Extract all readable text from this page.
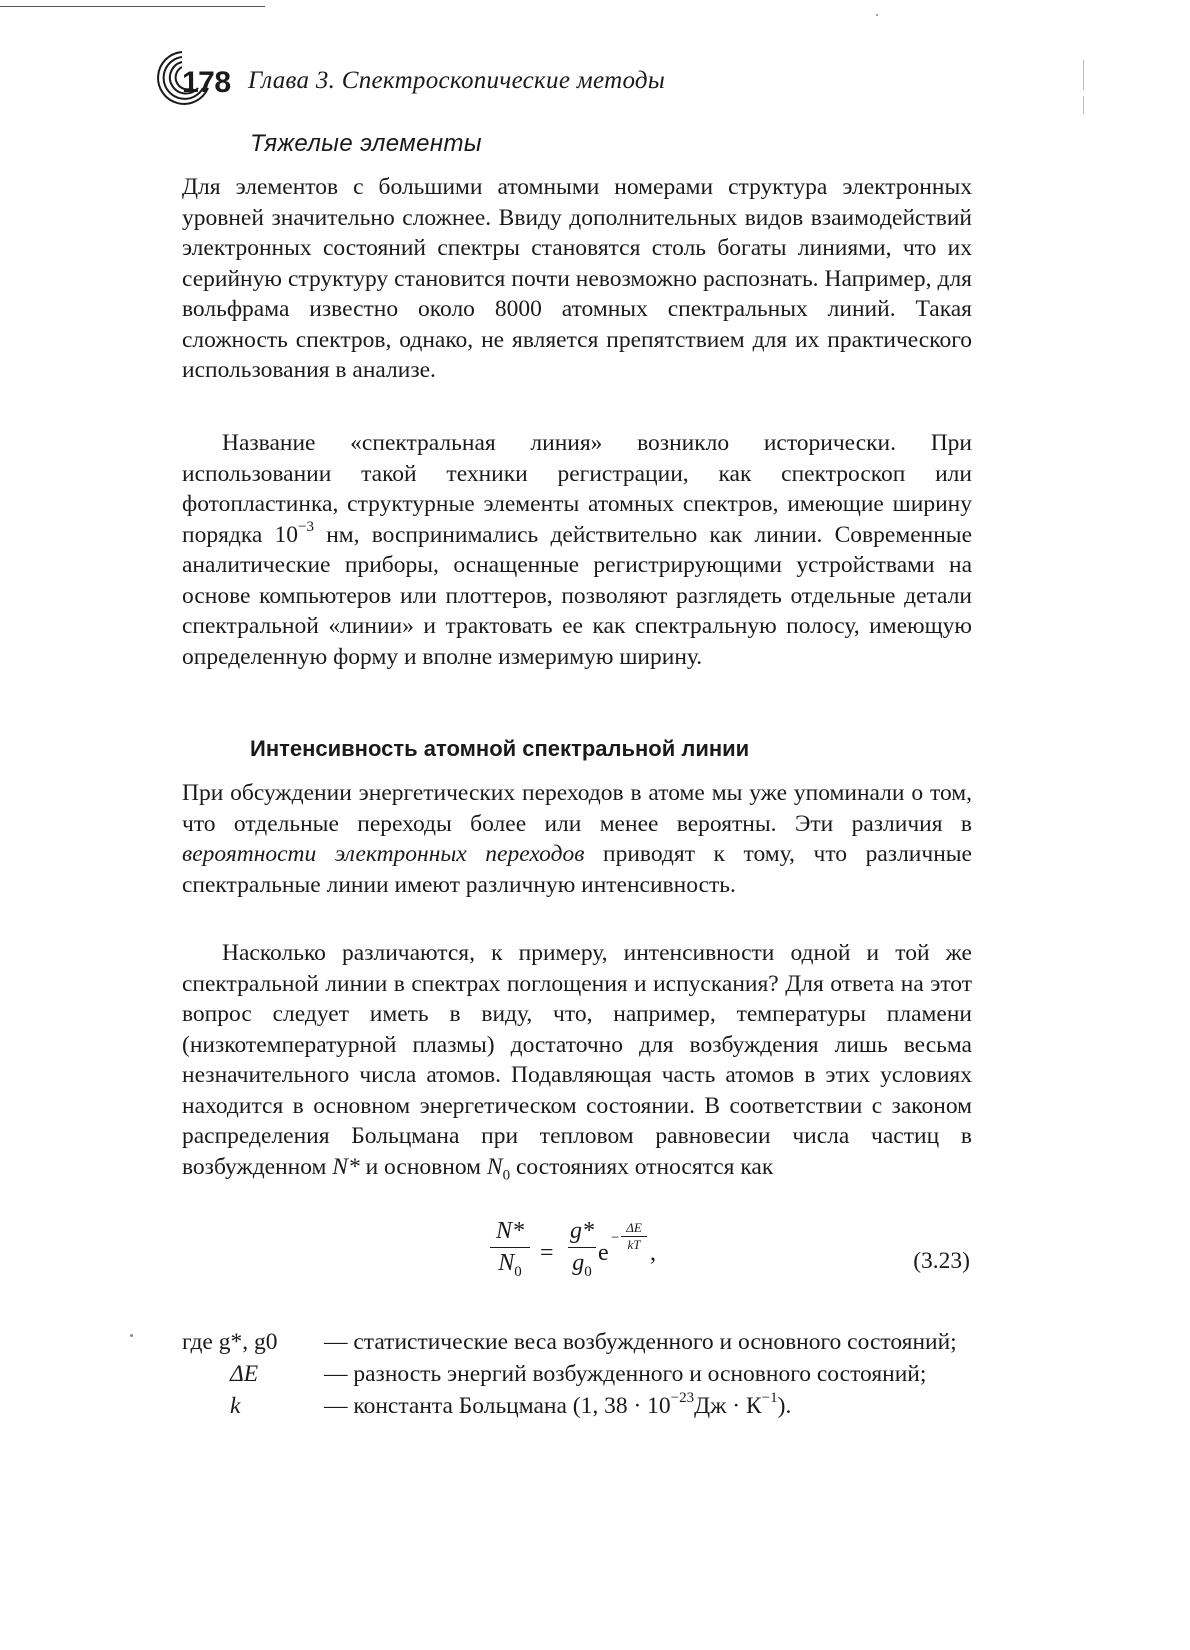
178 Глава 3. Спектроскопические методы
Тяжелые элементы

Для элементов с большими атомными номерами структура электронных уровней значительно сложнее. Ввиду дополнительных видов взаимодействий электронных состояний спектры становятся столь богаты линиями, что их серийную структуру становится почти невозможно распознать. Например, для вольфрама известно около 8000 атомных спектральных линий. Такая сложность спектров, однако, не является препятствием для их практического использования в анализе.

Название «спектральная линия» возникло исторически. При использовании такой техники регистрации, как спектроскоп или фотопластинка, структурные элементы атомных спектров, имеющие ширину порядка $10^{-3}$ нм, воспринимались действительно как линии. Современные аналитические приборы, оснащенные регистрирующими устройствами на основе компьютеров или плоттеров, позволяют разглядеть отдельные детали спектральной «линии» и трактовать ее как спектральную полосу, имеющую определенную форму и вполне измеримую ширину.

Интенсивность атомной спектральной линии

При обсуждении энергетических переходов в атоме мы уже упоминали о том, что отдельные переходы более или менее вероятны. Эти различия в вероятности электронных переходов приводят к тому, что различные спектральные линии имеют различную интенсивность.

Насколько различаются, к примеру, интенсивности одной и той же спектральной линии в спектрах поглощения и испускания? Для ответа на этот вопрос следует иметь в виду, что, например, температуры пламени (низкотемпературной плазмы) достаточно для возбуждения лишь весьма незначительного числа атомов. Подавляющая часть атомов в этих условиях находится в основном энергетическом состоянии. В соответствии с законом распределения Больцмана при тепловом равновесии числа частиц в возбужденном N* и основном $N_0$ состояниях относятся как

N*
$N_0$
=
g*
$g_0$
e
−
ΔE
kT ,	(3.23)
где g*, g0 — статистические веса возбужденного и основного состояний;
ΔE	— разность энергий возбужденного и основного состояний;
k	— константа Больцмана (1, $38 \cdot 10^{-23}Дж \cdot К^{-1}$).
